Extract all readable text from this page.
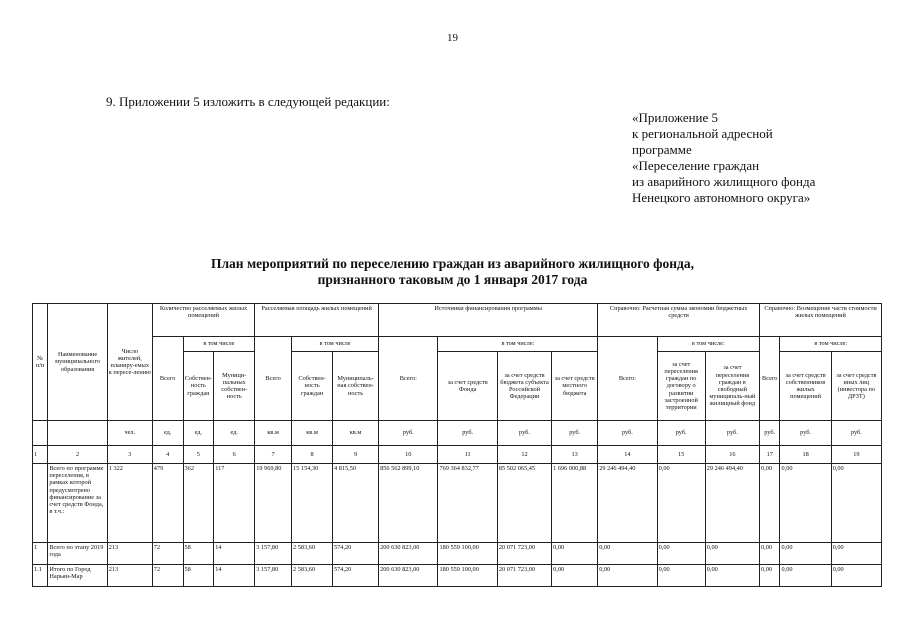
19
9. Приложении 5 изложить в следующей редакции:
«Приложение 5
к региональной адресной
программе
«Переселение граждан
из аварийного жилищного фонда
Ненецкого автономного округа»
План мероприятий по переселению граждан из аварийного жилищного фонда,
признанного таковым до 1 января 2017 года
№ п/п	Наименование муниципального образования	Число жителей, планиру-емых к пересе-лению	Количество расселяемых жилых помещений			Расселяемая площадь жилых помещений			Источники финансирования программы				Справочно: Расчетная сумма экономии бюджетных средств			Справочно: Возмещение части стоимости жилых помещений		
			Всего	в том числе		Всего	в том числе		Всего:	в том числе:			Всего:	в том числе:		Всего	в том числе:	
				Собствен-ность граждан	Муници-пальных собствен-ность		Собствен-ность граждан	Муниципаль-ная собствен-ность		за счет средств Фонда	за счет средств бюджета субъекта Российской Федерации	за счет средств местного бюджета		за счет переселения граждан по договору о развитии застроенной территории	за счет переселения граждан в свободный муниципаль-ный жилищный фонд		за счет средств собственников жилых помещений	за счет средств иных лиц (инвестора по ДРЗТ)
		чел.	ед.	ед.	ед.	кв.м	кв.м	кв.м	руб.	руб.	руб.	руб.	руб.	руб.	руб.	руб.	руб.	руб.
1	2	3	4	5	6	7	8	9	10	11	12	13	14	15	16	17	18	19
	Всего по программе переселения, в рамках которой предусмотрено финансирование за счет средств Фонда, в т.ч.:	1 322	479	362	117	19 969,80	15 154,30	4 815,50	856 562 899,10	769 364 832,77	85 502 065,45	1 696 000,88	29 246 494,40	0,00	29 246 494,40	0,00	0,00	0,00
1	Всего по этапу 2019 года	213	72	58	14	3 157,80	2 583,60	574,20	200 630 823,00	180 559 100,00	20 071 723,00	0,00	0,00	0,00	0,00	0,00	0,00	0,00
1.1	Итого по Город Нарьян-Мар	213	72	58	14	3 157,80	2 583,60	574,20	200 630 823,00	180 559 100,00	20 071 723,00	0,00	0,00	0,00	0,00	0,00	0,00	0,00
